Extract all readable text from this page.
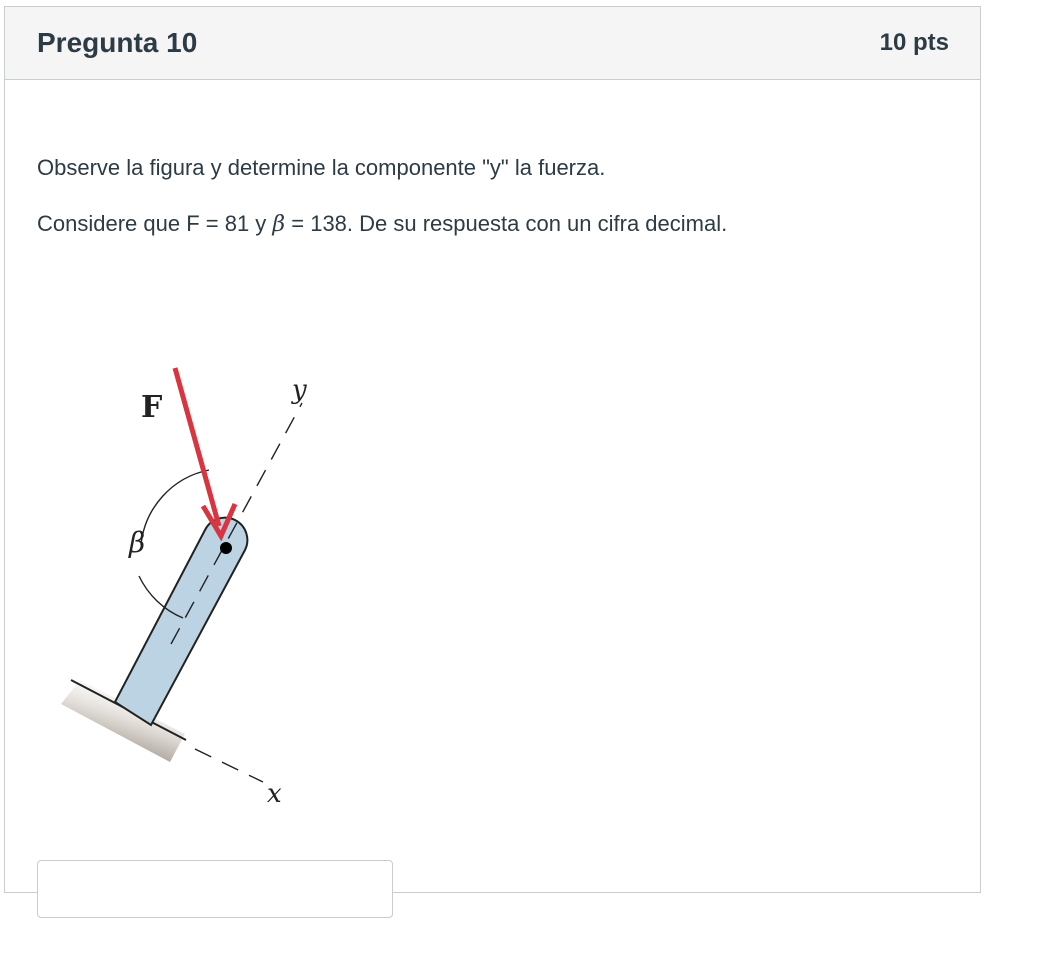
Pregunta 10	10 pts
Observe la figura y determine la componente "y" la fuerza.
Considere que F = 81 y β = 138. De su respuesta con un cifra decimal.
x
y
β
F
